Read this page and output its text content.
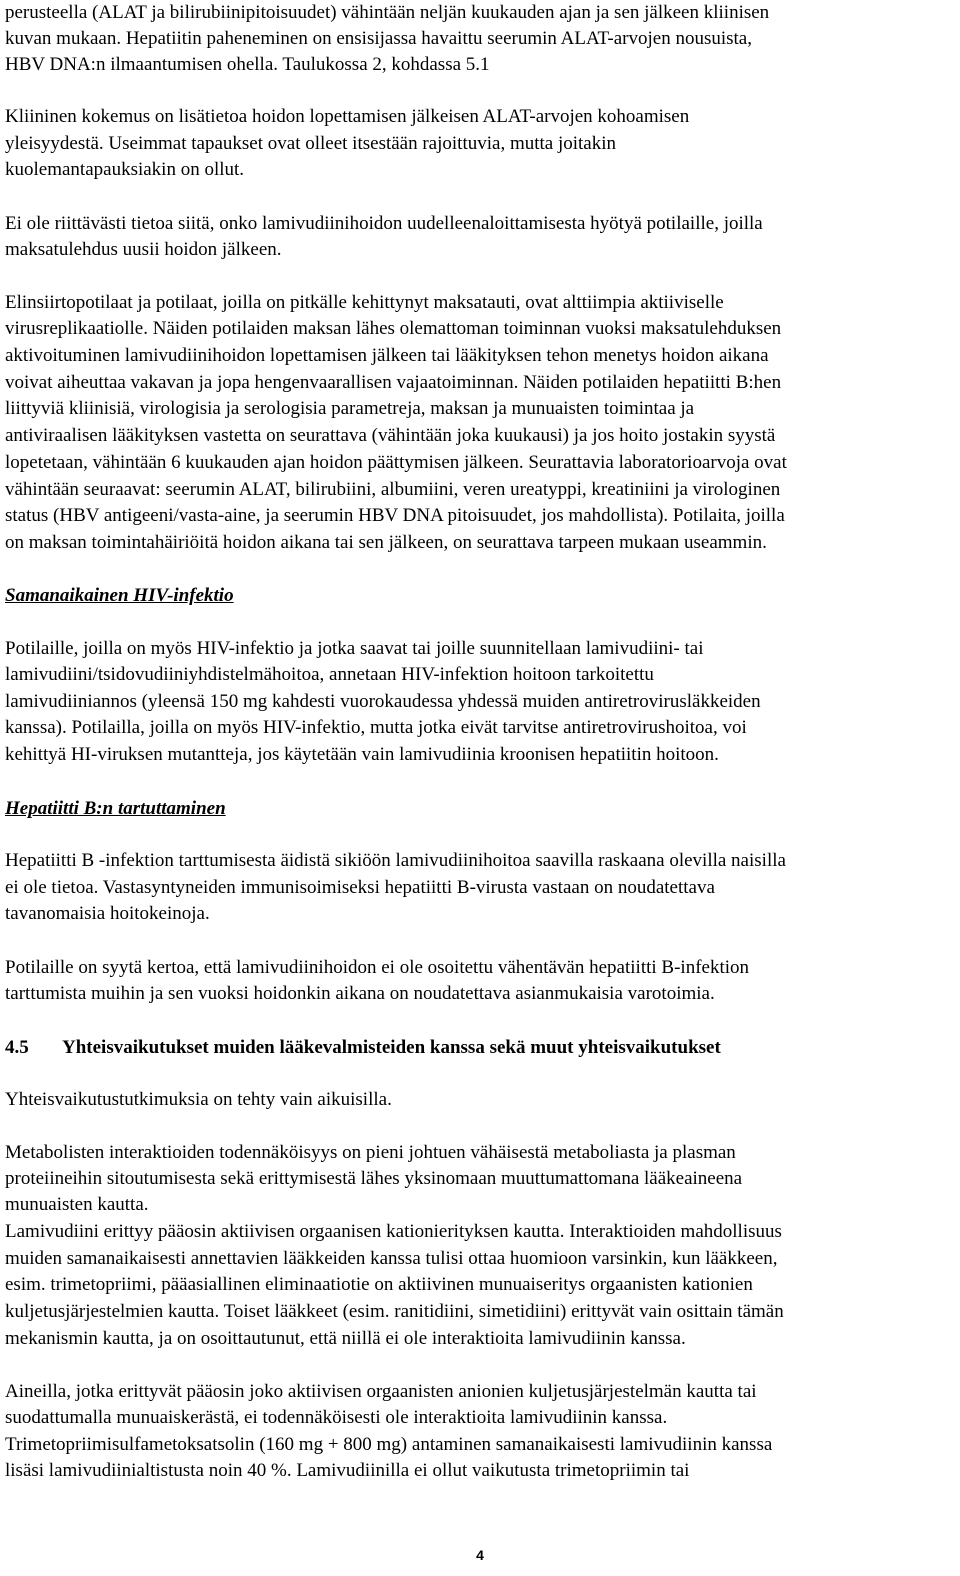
perusteella (ALAT ja bilirubiinipitoisuudet) vähintään neljän kuukauden ajan ja sen jälkeen kliinisen
kuvan mukaan. Hepatiitin paheneminen on ensisijassa havaittu seerumin ALAT-arvojen nousuista,
HBV DNA:n ilmaantumisen ohella. Taulukossa 2, kohdassa 5.1
Kliininen kokemus on lisätietoa hoidon lopettamisen jälkeisen ALAT-arvojen kohoamisen
yleisyydestä. Useimmat tapaukset ovat olleet itsestään rajoittuvia, mutta joitakin
kuolemantapauksiakin on ollut.
Ei ole riittävästi tietoa siitä, onko lamivudiinihoidon uudelleenaloittamisesta hyötyä potilaille, joilla
maksatulehdus uusii hoidon jälkeen.
Elinsiirtopotilaat ja potilaat, joilla on pitkälle kehittynyt maksatauti, ovat alttiimpia aktiiviselle
virusreplikaatiolle. Näiden potilaiden maksan lähes olemattoman toiminnan vuoksi maksatulehduksen
aktivoituminen lamivudiinihoidon lopettamisen jälkeen tai lääkityksen tehon menetys hoidon aikana
voivat aiheuttaa vakavan ja jopa hengenvaarallisen vajaatoiminnan. Näiden potilaiden hepatiitti B:hen
liittyviä kliinisiä, virologisia ja serologisia parametreja, maksan ja munuaisten toimintaa ja
antiviraalisen lääkityksen vastetta on seurattava (vähintään joka kuukausi) ja jos hoito jostakin syystä
lopetetaan, vähintään 6 kuukauden ajan hoidon päättymisen jälkeen. Seurattavia laboratorioarvoja ovat
vähintään seuraavat: seerumin ALAT, bilirubiini, albumiini, veren ureatyppi, kreatiniini ja virologinen
status (HBV antigeeni/vasta-aine, ja seerumin HBV DNA pitoisuudet, jos mahdollista). Potilaita, joilla
on maksan toimintahäiriöitä hoidon aikana tai sen jälkeen, on seurattava tarpeen mukaan useammin.
Samanaikainen HIV-infektio
Potilaille, joilla on myös HIV-infektio ja jotka saavat tai joille suunnitellaan lamivudiini- tai
lamivudiini/tsidovudiiniyhdistelmähoitoa, annetaan HIV-infektion hoitoon tarkoitettu
lamivudiiniannos (yleensä 150 mg kahdesti vuorokaudessa yhdessä muiden antiretrovirusläkkeiden
kanssa). Potilailla, joilla on myös HIV-infektio, mutta jotka eivät tarvitse antiretrovirushoitoa, voi
kehittyä HI-viruksen mutantteja, jos käytetään vain lamivudiinia kroonisen hepatiitin hoitoon.
Hepatiitti B:n tartuttaminen
Hepatiitti B -infektion tarttumisesta äidistä sikiöön lamivudiinihoitoa saavilla raskaana olevilla naisilla
ei ole tietoa. Vastasyntyneiden immunisoimiseksi hepatiitti B-virusta vastaan on noudatettava
tavanomaisia hoitokeinoja.
Potilaille on syytä kertoa, että lamivudiinihoidon ei ole osoitettu vähentävän hepatiitti B-infektion
tarttumista muihin ja sen vuoksi hoidonkin aikana on noudatettava asianmukaisia varotoimia.
4.5 Yhteisvaikutukset muiden lääkevalmisteiden kanssa sekä muut yhteisvaikutukset
Yhteisvaikutustutkimuksia on tehty vain aikuisilla.
Metabolisten interaktioiden todennäköisyys on pieni johtuen vähäisestä metaboliasta ja plasman
proteiineihin sitoutumisesta sekä erittymisestä lähes yksinomaan muuttumattomana lääkeaineena
munuaisten kautta.
Lamivudiini erittyy pääosin aktiivisen orgaanisen kationierityksen kautta. Interaktioiden mahdollisuus
muiden samanaikaisesti annettavien lääkkeiden kanssa tulisi ottaa huomioon varsinkin, kun lääkkeen,
esim. trimetopriimi, pääasiallinen eliminaatiotie on aktiivinen munuaiseritys orgaanisten kationien
kuljetusjärjestelmien kautta. Toiset lääkkeet (esim. ranitidiini, simetidiini) erittyvät vain osittain tämän
mekanismin kautta, ja on osoittautunut, että niillä ei ole interaktioita lamivudiinin kanssa.
Aineilla, jotka erittyvät pääosin joko aktiivisen orgaanisten anionien kuljetusjärjestelmän kautta tai
suodattumalla munuaiskerästä, ei todennäköisesti ole interaktioita lamivudiinin kanssa.
Trimetopriimisulfametoksatsolin (160 mg + 800 mg) antaminen samanaikaisesti lamivudiinin kanssa
lisäsi lamivudiinialtistusta noin 40 %. Lamivudiinilla ei ollut vaikutusta trimetopriimin tai
4
